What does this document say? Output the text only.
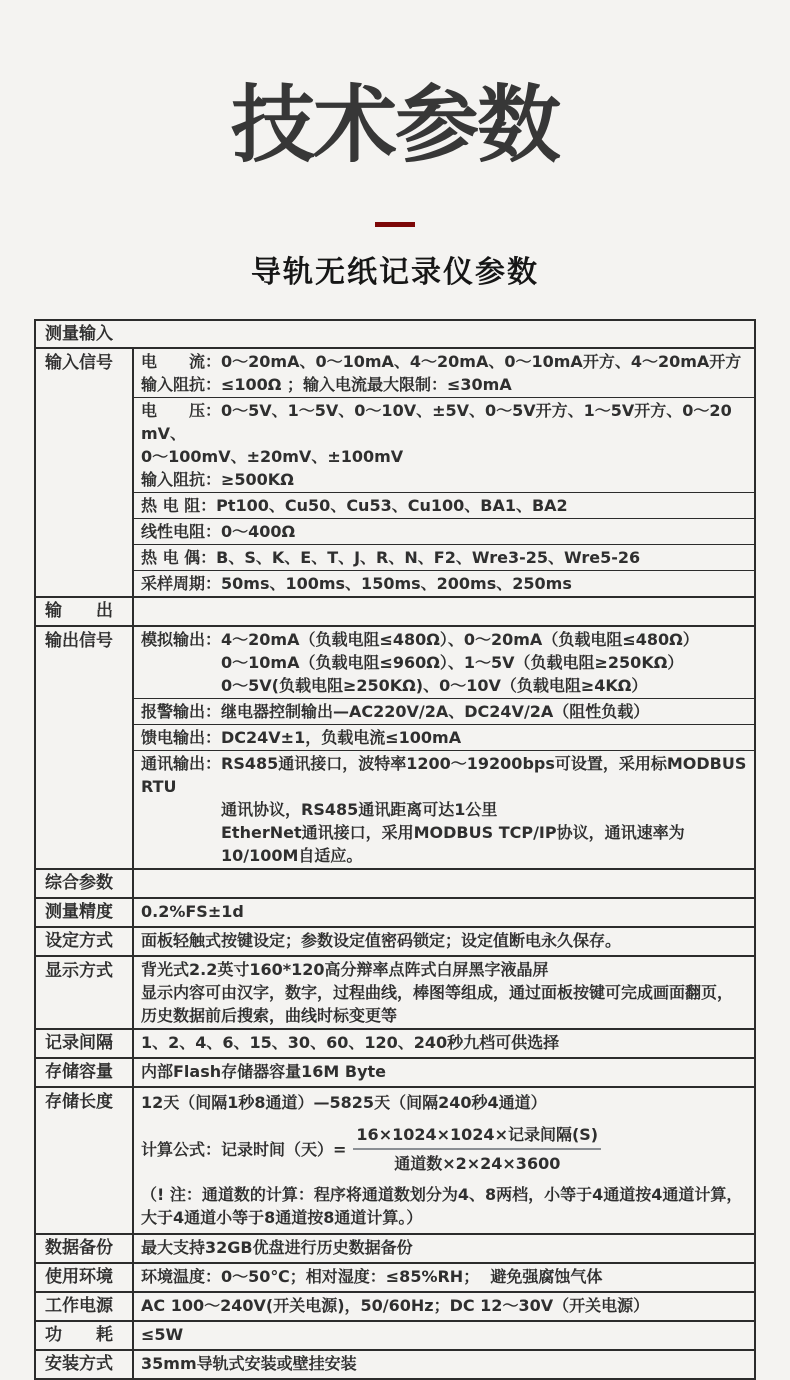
技术参数
导轨无纸记录仪参数
测量输入
输入信号	电　　流：0～20mA、0～10mA、4～20mA、0～10mA开方、4～20mA开方
输入阻抗：≤100Ω ；输入电流最大限制：≤30mA
电　　压：0～5V、1～5V、0～10V、±5V、0～5V开方、1～5V开方、0～20 mV、
0～100mV、±20mV、±100mV
输入阻抗：≥500KΩ
热 电 阻：Pt100、Cu50、Cu53、Cu100、BA1、BA2
线性电阻：0～400Ω
热 电 偶：B、S、K、E、T、J、R、N、F2、Wre3-25、Wre5-26
采样周期：50ms、100ms、150ms、200ms、250ms
输　　出
输出信号	模拟输出：4～20mA（负载电阻≤480Ω）、0～20mA（负载电阻≤480Ω）
0～10mA（负载电阻≤960Ω）、1～5V（负载电阻≥250KΩ）
0～5V(负载电阻≥250KΩ)、0～10V（负载电阻≥4KΩ）
报警输出：继电器控制输出—AC220V/2A、DC24V/2A（阻性负载）
馈电输出：DC24V±1，负载电流≤100mA
通讯输出：RS485通讯接口，波特率1200～19200bps可设置，采用标MODBUS RTU
通讯协议，RS485通讯距离可达1公里
EtherNet通讯接口，采用MODBUS TCP/IP协议，通讯速率为10/100M自适应。
综合参数
测量精度	0.2%FS±1d
设定方式	面板轻触式按键设定；参数设定值密码锁定；设定值断电永久保存。
显示方式	背光式2.2英寸160*120高分辩率点阵式白屏黑字液晶屏
显示内容可由汉字，数字，过程曲线，棒图等组成，通过面板按键可完成画面翻页，
历史数据前后搜索，曲线时标变更等
记录间隔	1、2、4、6、15、30、60、120、240秒九档可供选择
存储容量	内部Flash存储器容量16M Byte
存储长度	12天（间隔1秒8通道）—5825天（间隔240秒4通道）
计算公式：记录时间（天）= $\frac{\text{16×1024×1024×记录间隔(S)}}{\text{通道数×2×24×3600}}$
（! 注：通道数的计算：程序将通道数划分为4、8两档，小等于4通道按4通道计算，
大于4通道小等于8通道按8通道计算。）
数据备份	最大支持32GB优盘进行历史数据备份
使用环境	环境温度：0～50℃；相对湿度：≤85%RH；  避免强腐蚀气体
工作电源	AC 100～240V(开关电源)，50/60Hz；DC 12～30V（开关电源）
功　　耗	≤5W
安装方式	35mm导轨式安装或壁挂安装
